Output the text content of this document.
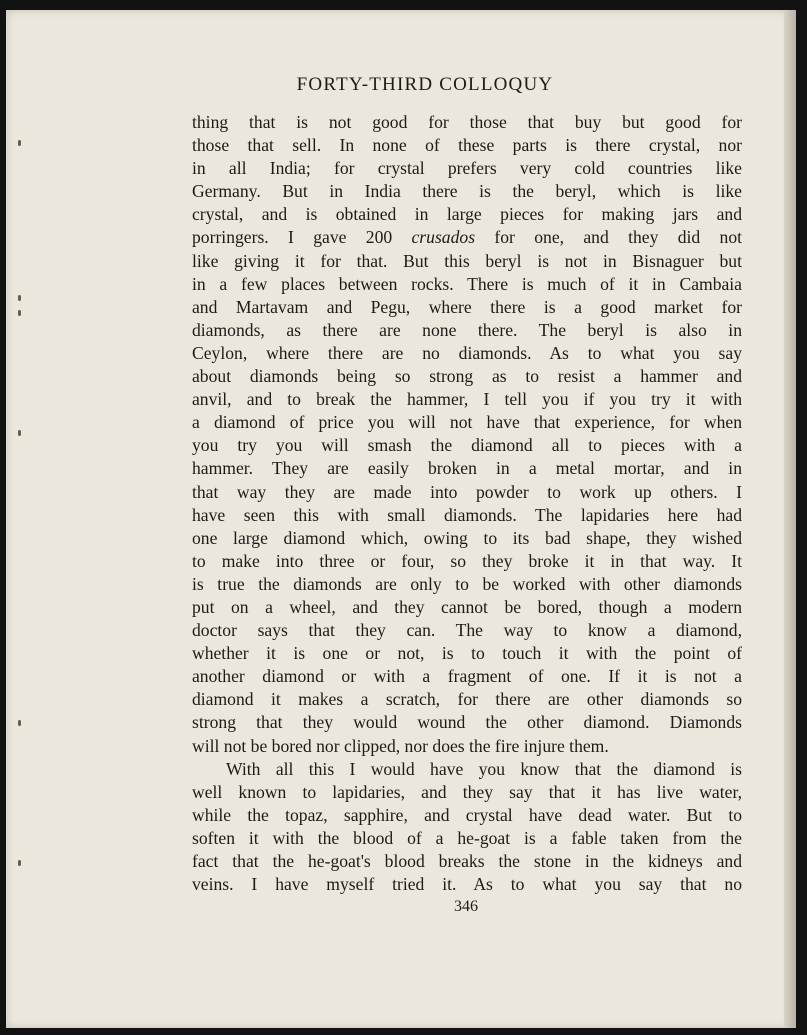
FORTY-THIRD COLLOQUY
thing that is not good for those that buy but good for
those that sell. In none of these parts is there crystal, nor
in all India; for crystal prefers very cold countries like
Germany. But in India there is the beryl, which is like
crystal, and is obtained in large pieces for making jars and
porringers. I gave 200 crusados for one, and they did not
like giving it for that. But this beryl is not in Bisnaguer but
in a few places between rocks. There is much of it in Cambaia
and Martavam and Pegu, where there is a good market for
diamonds, as there are none there. The beryl is also in
Ceylon, where there are no diamonds. As to what you say
about diamonds being so strong as to resist a hammer and
anvil, and to break the hammer, I tell you if you try it with
a diamond of price you will not have that experience, for when
you try you will smash the diamond all to pieces with a
hammer. They are easily broken in a metal mortar, and in
that way they are made into powder to work up others. I
have seen this with small diamonds. The lapidaries here had
one large diamond which, owing to its bad shape, they wished
to make into three or four, so they broke it in that way. It
is true the diamonds are only to be worked with other diamonds
put on a wheel, and they cannot be bored, though a modern
doctor says that they can. The way to know a diamond,
whether it is one or not, is to touch it with the point of
another diamond or with a fragment of one. If it is not a
diamond it makes a scratch, for there are other diamonds so
strong that they would wound the other diamond. Diamonds
will not be bored nor clipped, nor does the fire injure them.
With all this I would have you know that the diamond is
well known to lapidaries, and they say that it has live water,
while the topaz, sapphire, and crystal have dead water. But to
soften it with the blood of a he-goat is a fable taken from the
fact that the he-goat's blood breaks the stone in the kidneys and
veins. I have myself tried it. As to what you say that no
346
